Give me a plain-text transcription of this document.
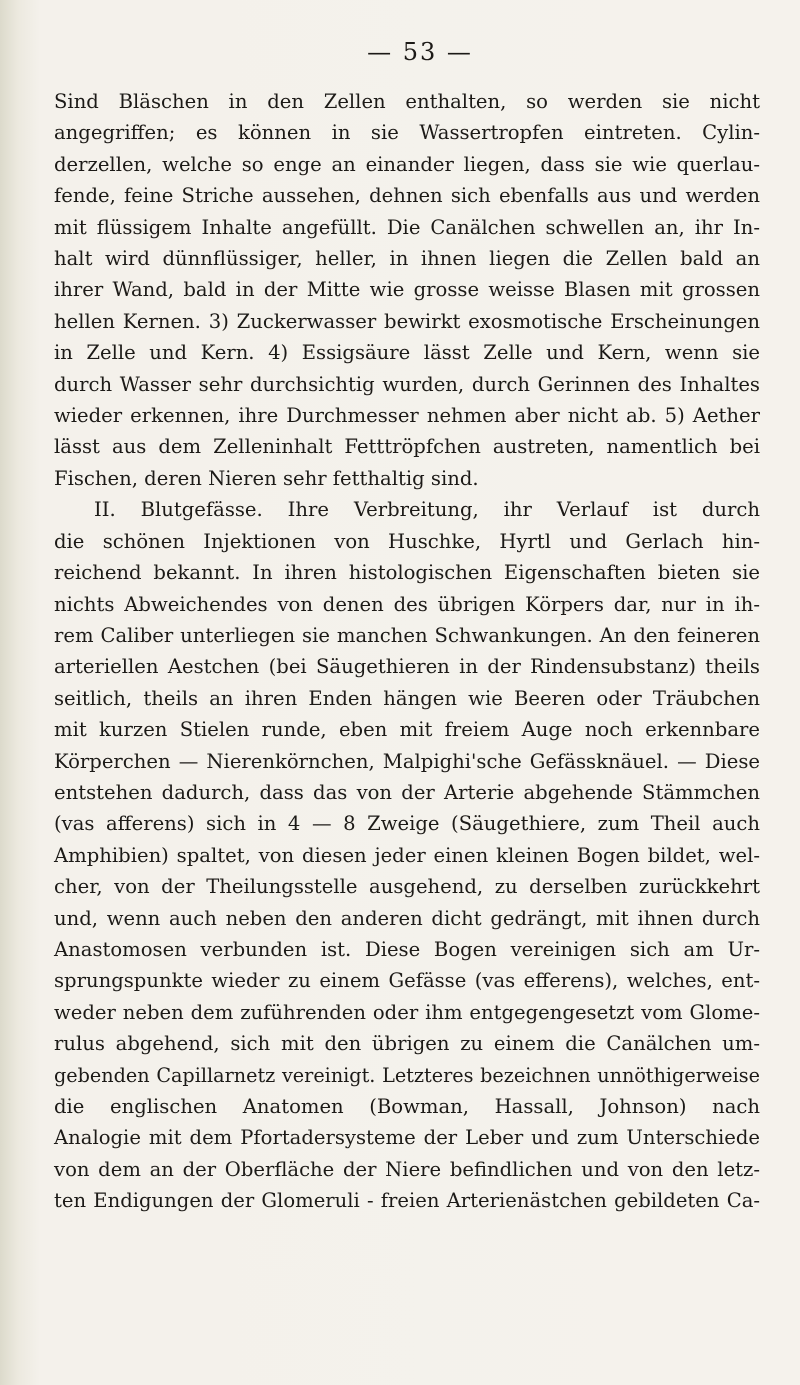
— 53 —
Sind Bläschen in den Zellen enthalten, so werden sie nicht
angegriffen; es können in sie Wassertropfen eintreten. Cylin-
derzellen, welche so enge an einander liegen, dass sie wie querlau-
fende, feine Striche aussehen, dehnen sich ebenfalls aus und werden
mit flüssigem Inhalte angefüllt. Die Canälchen schwellen an, ihr In-
halt wird dünnflüssiger, heller, in ihnen liegen die Zellen bald an
ihrer Wand, bald in der Mitte wie grosse weisse Blasen mit grossen
hellen Kernen. 3) Zuckerwasser bewirkt exosmotische Erscheinungen
in Zelle und Kern. 4) Essigsäure lässt Zelle und Kern, wenn sie
durch Wasser sehr durchsichtig wurden, durch Gerinnen des Inhaltes
wieder erkennen, ihre Durchmesser nehmen aber nicht ab. 5) Aether
lässt aus dem Zelleninhalt Fetttröpfchen austreten, namentlich bei
Fischen, deren Nieren sehr fetthaltig sind.
II. Blutgefässe. Ihre Verbreitung, ihr Verlauf ist durch
die schönen Injektionen von Huschke, Hyrtl und Gerlach hin-
reichend bekannt. In ihren histologischen Eigenschaften bieten sie
nichts Abweichendes von denen des übrigen Körpers dar, nur in ih-
rem Caliber unterliegen sie manchen Schwankungen. An den feineren
arteriellen Aestchen (bei Säugethieren in der Rindensubstanz) theils
seitlich, theils an ihren Enden hängen wie Beeren oder Träubchen
mit kurzen Stielen runde, eben mit freiem Auge noch erkennbare
Körperchen — Nierenkörnchen, Malpighi'sche Gefässknäuel. — Diese
entstehen dadurch, dass das von der Arterie abgehende Stämmchen
(vas afferens) sich in 4 — 8 Zweige (Säugethiere, zum Theil auch
Amphibien) spaltet, von diesen jeder einen kleinen Bogen bildet, wel-
cher, von der Theilungsstelle ausgehend, zu derselben zurückkehrt
und, wenn auch neben den anderen dicht gedrängt, mit ihnen durch
Anastomosen verbunden ist. Diese Bogen vereinigen sich am Ur-
sprungspunkte wieder zu einem Gefässe (vas efferens), welches, ent-
weder neben dem zuführenden oder ihm entgegengesetzt vom Glome-
rulus abgehend, sich mit den übrigen zu einem die Canälchen um-
gebenden Capillarnetz vereinigt. Letzteres bezeichnen unnöthigerweise
die englischen Anatomen (Bowman, Hassall, Johnson) nach
Analogie mit dem Pfortadersysteme der Leber und zum Unterschiede
von dem an der Oberfläche der Niere befindlichen und von den letz-
ten Endigungen der Glomeruli - freien Arterienästchen gebildeten Ca-
